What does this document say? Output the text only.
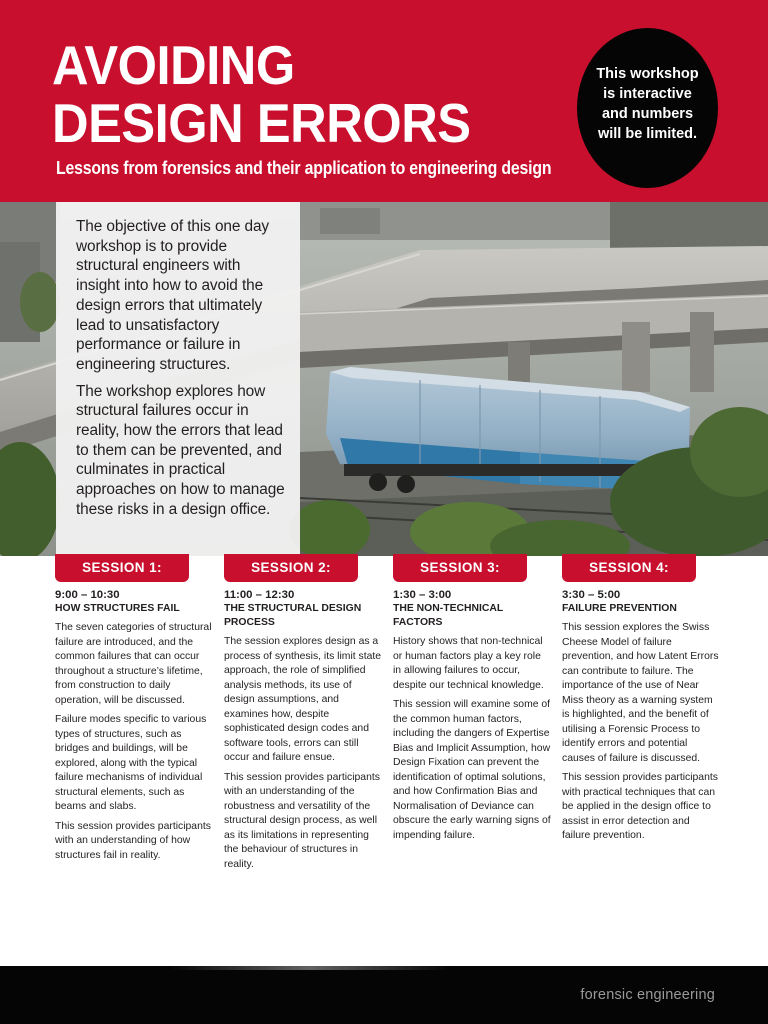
AVOIDING
DESIGN ERRORS
Lessons from forensics and their application to engineering design

This workshop is interactive and numbers will be limited.

The objective of this one day workshop is to provide structural engineers with insight into how to avoid the design errors that ultimately lead to unsatisfactory performance or failure in engineering structures.

The workshop explores how structural failures occur in reality, how the errors that lead to them can be prevented, and culminates in practical approaches on how to manage these risks in a design office.

SESSION 1:
9:00 – 10:30
HOW STRUCTURES FAIL

The seven categories of structural failure are introduced, and the common failures that can occur throughout a structure’s lifetime, from construction to daily operation, will be discussed.

Failure modes specific to various types of structures, such as bridges and buildings, will be explored, along with the typical failure mechanisms of individual structural elements, such as beams and slabs.

This session provides participants with an understanding of how structures fail in reality.

SESSION 2:
11:00 – 12:30
THE STRUCTURAL DESIGN PROCESS

The session explores design as a process of synthesis, its limit state approach, the role of simplified analysis methods, its use of design assumptions, and examines how, despite sophisticated design codes and software tools, errors can still occur and failure ensue.

This session provides participants with an understanding of the robustness and versatility of the structural design process, as well as its limitations in representing the behaviour of structures in reality.

SESSION 3:
1:30 – 3:00
THE NON-TECHNICAL FACTORS

History shows that non-technical or human factors play a key role in allowing failures to occur, despite our technical knowledge.

This session will examine some of the common human factors, including the dangers of Expertise Bias and Implicit Assumption, how Design Fixation can prevent the identification of optimal solutions, and how Confirmation Bias and Normalisation of Deviance can obscure the early warning signs of impending failure.

SESSION 4:
3:30 – 5:00
FAILURE PREVENTION

This session explores the Swiss Cheese Model of failure prevention, and how Latent Errors can contribute to failure. The importance of the use of Near Miss theory as a warning system is highlighted, and the benefit of utilising a Forensic Process to identify errors and potential causes of failure is discussed.

This session provides participants with practical techniques that can be applied in the design office to assist in error detection and failure prevention.

forensic engineering
